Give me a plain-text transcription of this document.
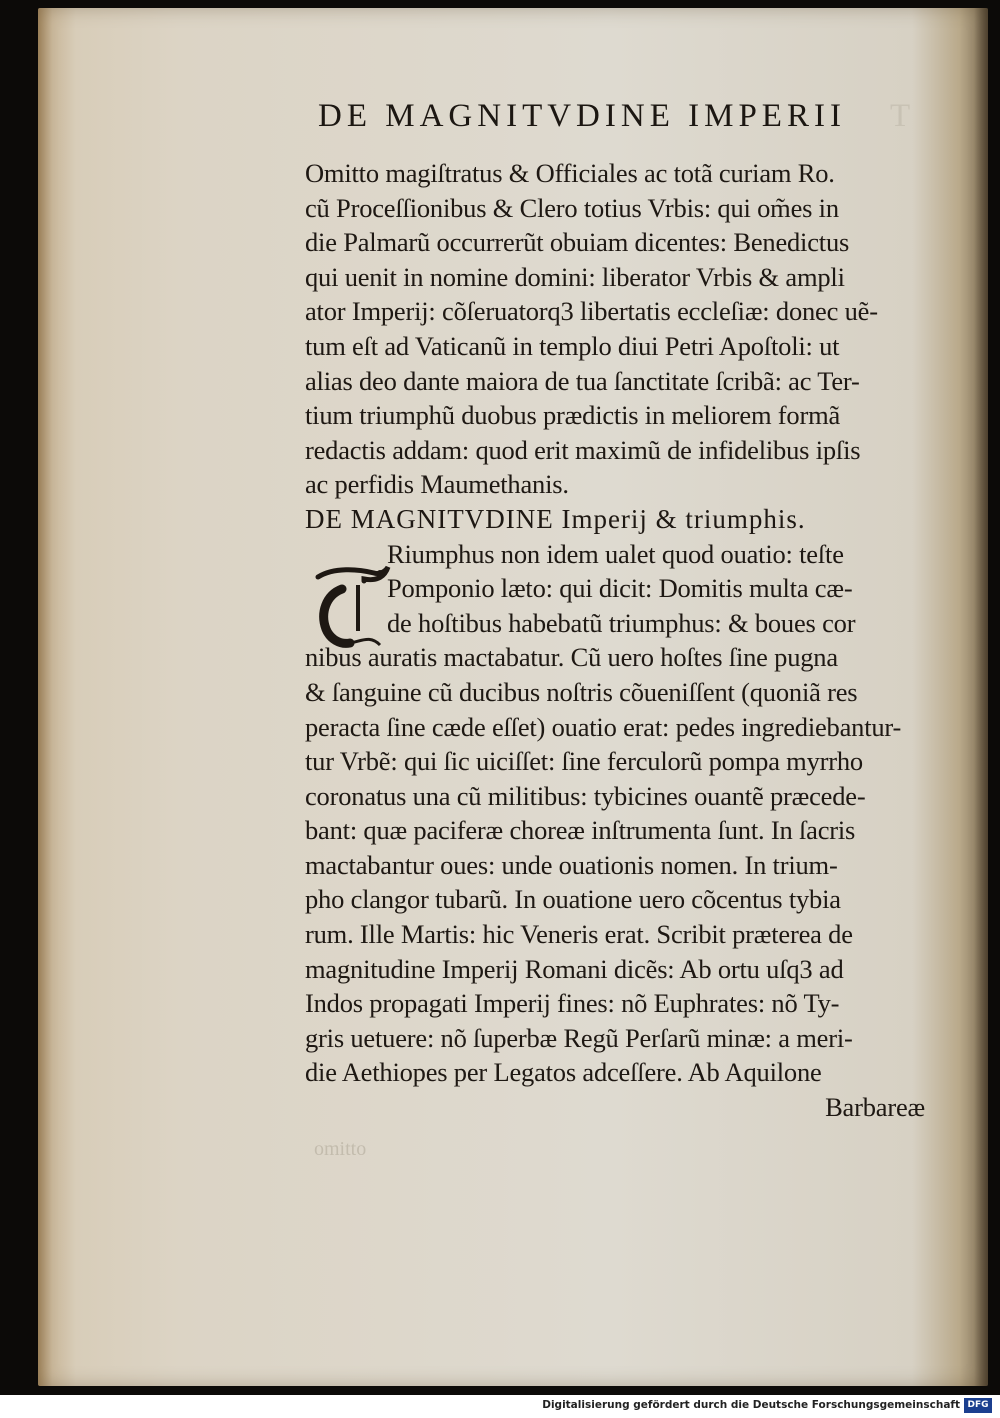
DE MAGNITVDINE IMPERII	T
Omitto magiſtratus & Officiales ac totã curiam Ro.
cũ Proceſſionibus & Clero totius Vrbis: qui om̃es in
die Palmarũ occurrerũt obuiam dicentes: Benedictus
qui uenit in nomine domini: liberator Vrbis & ampli
ator Imperij: cõſeruatorq3 libertatis eccleſiæ: donec uẽ-
tum eſt ad Vaticanũ in templo diui Petri Apoſtoli: ut
alias deo dante maiora de tua ſanctitate ſcribã: ac Ter-
tium triumphũ duobus prædictis in meliorem formã
redactis addam: quod erit maximũ de infidelibus ipſis
ac perfidis Maumethanis.
DE MAGNITVDINE Imperij & triumphis.
Riumphus non idem ualet quod ouatio: teſte
Pomponio læto: qui dicit: Domitis multa cæ-
de hoſtibus habebatũ triumphus: & boues cor
nibus auratis mactabatur. Cũ uero hoſtes ſine pugna
& ſanguine cũ ducibus noſtris cõueniſſent (quoniã res
peracta ſine cæde eſſet) ouatio erat: pedes ingrediebantur-
tur Vrbẽ: qui ſic uiciſſet: ſine ferculorũ pompa myrrho
coronatus una cũ militibus: tybicines ouantẽ præcede-
bant: quæ paciferæ choreæ inſtrumenta ſunt. In ſacris
mactabantur oues: unde ouationis nomen. In trium-
pho clangor tubarũ. In ouatione uero cõcentus tybia
rum. Ille Martis: hic Veneris erat. Scribit præterea de
magnitudine Imperij Romani dicẽs: Ab ortu uſq3 ad
Indos propagati Imperij fines: nõ Euphrates: nõ Ty-
gris uetuere: nõ ſuperbæ Regũ Perſarũ minæ: a meri-
die Aethiopes per Legatos adceſſere. Ab Aquilone
Barbareæ
omitto
Digitalisierung gefördert durch die Deutsche Forschungsgemeinschaft DFG
